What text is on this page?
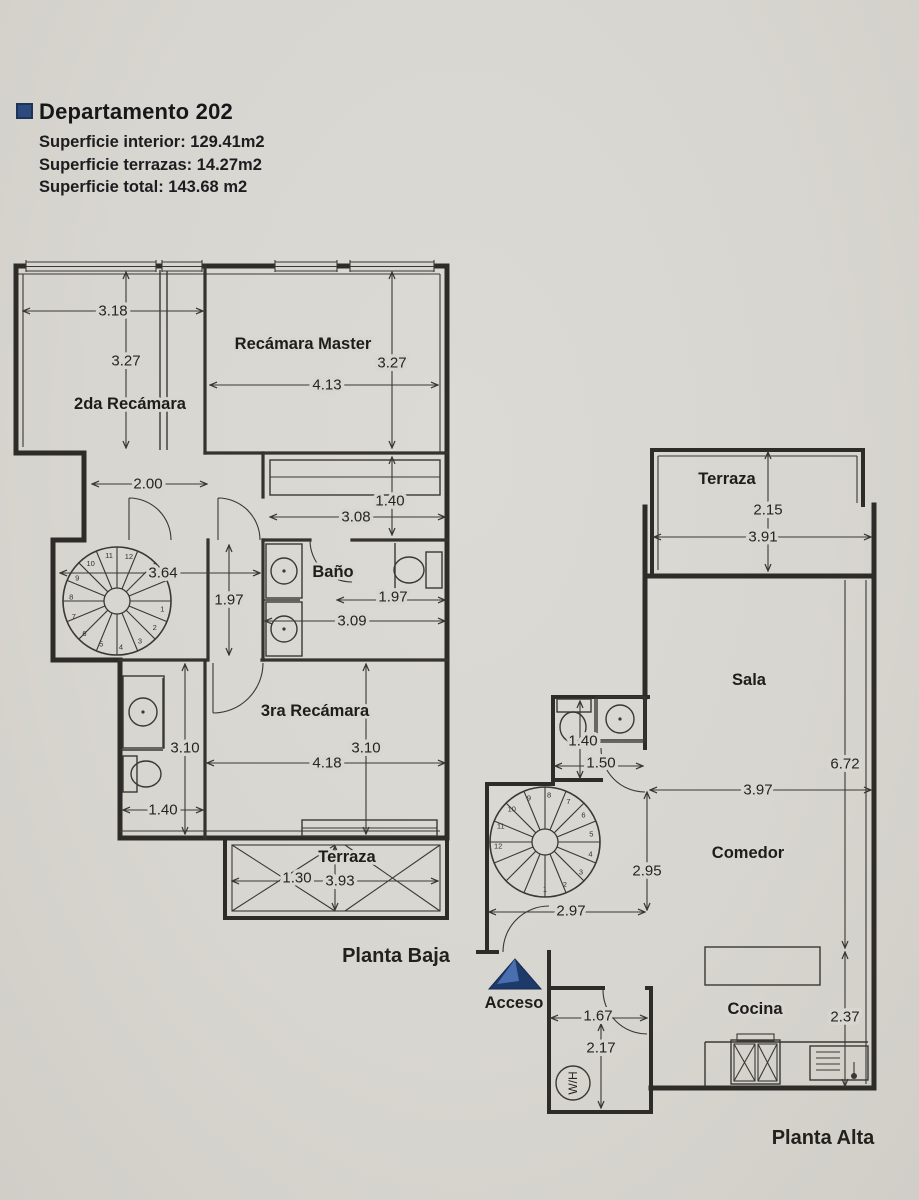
Departamento 202
Superficie interior: 129.41m2
Superficie terrazas: 14.27m2
Superficie total: 143.68 m2
1
2
3
4
5
6
7
8
9
10
11 12
3.18
3.27	3.27
4.13
2.00
1.40
3.08
3.64
1.97	1.97
3.09
3.10	3.10
4.18
1.40
1.30 3.93
2da Recámara
Recámara Master
Baño
3ra Recámara
Terraza
Planta Baja
W/H
1 2
3
4
5
6
7
8
9
10
11
12
2.15
3.91
6.72
3.97
1.40
1.50
2.95
2.97
1.67
2.17
2.37
Terraza
Sala
Comedor
Cocina
Acceso
Planta Alta
